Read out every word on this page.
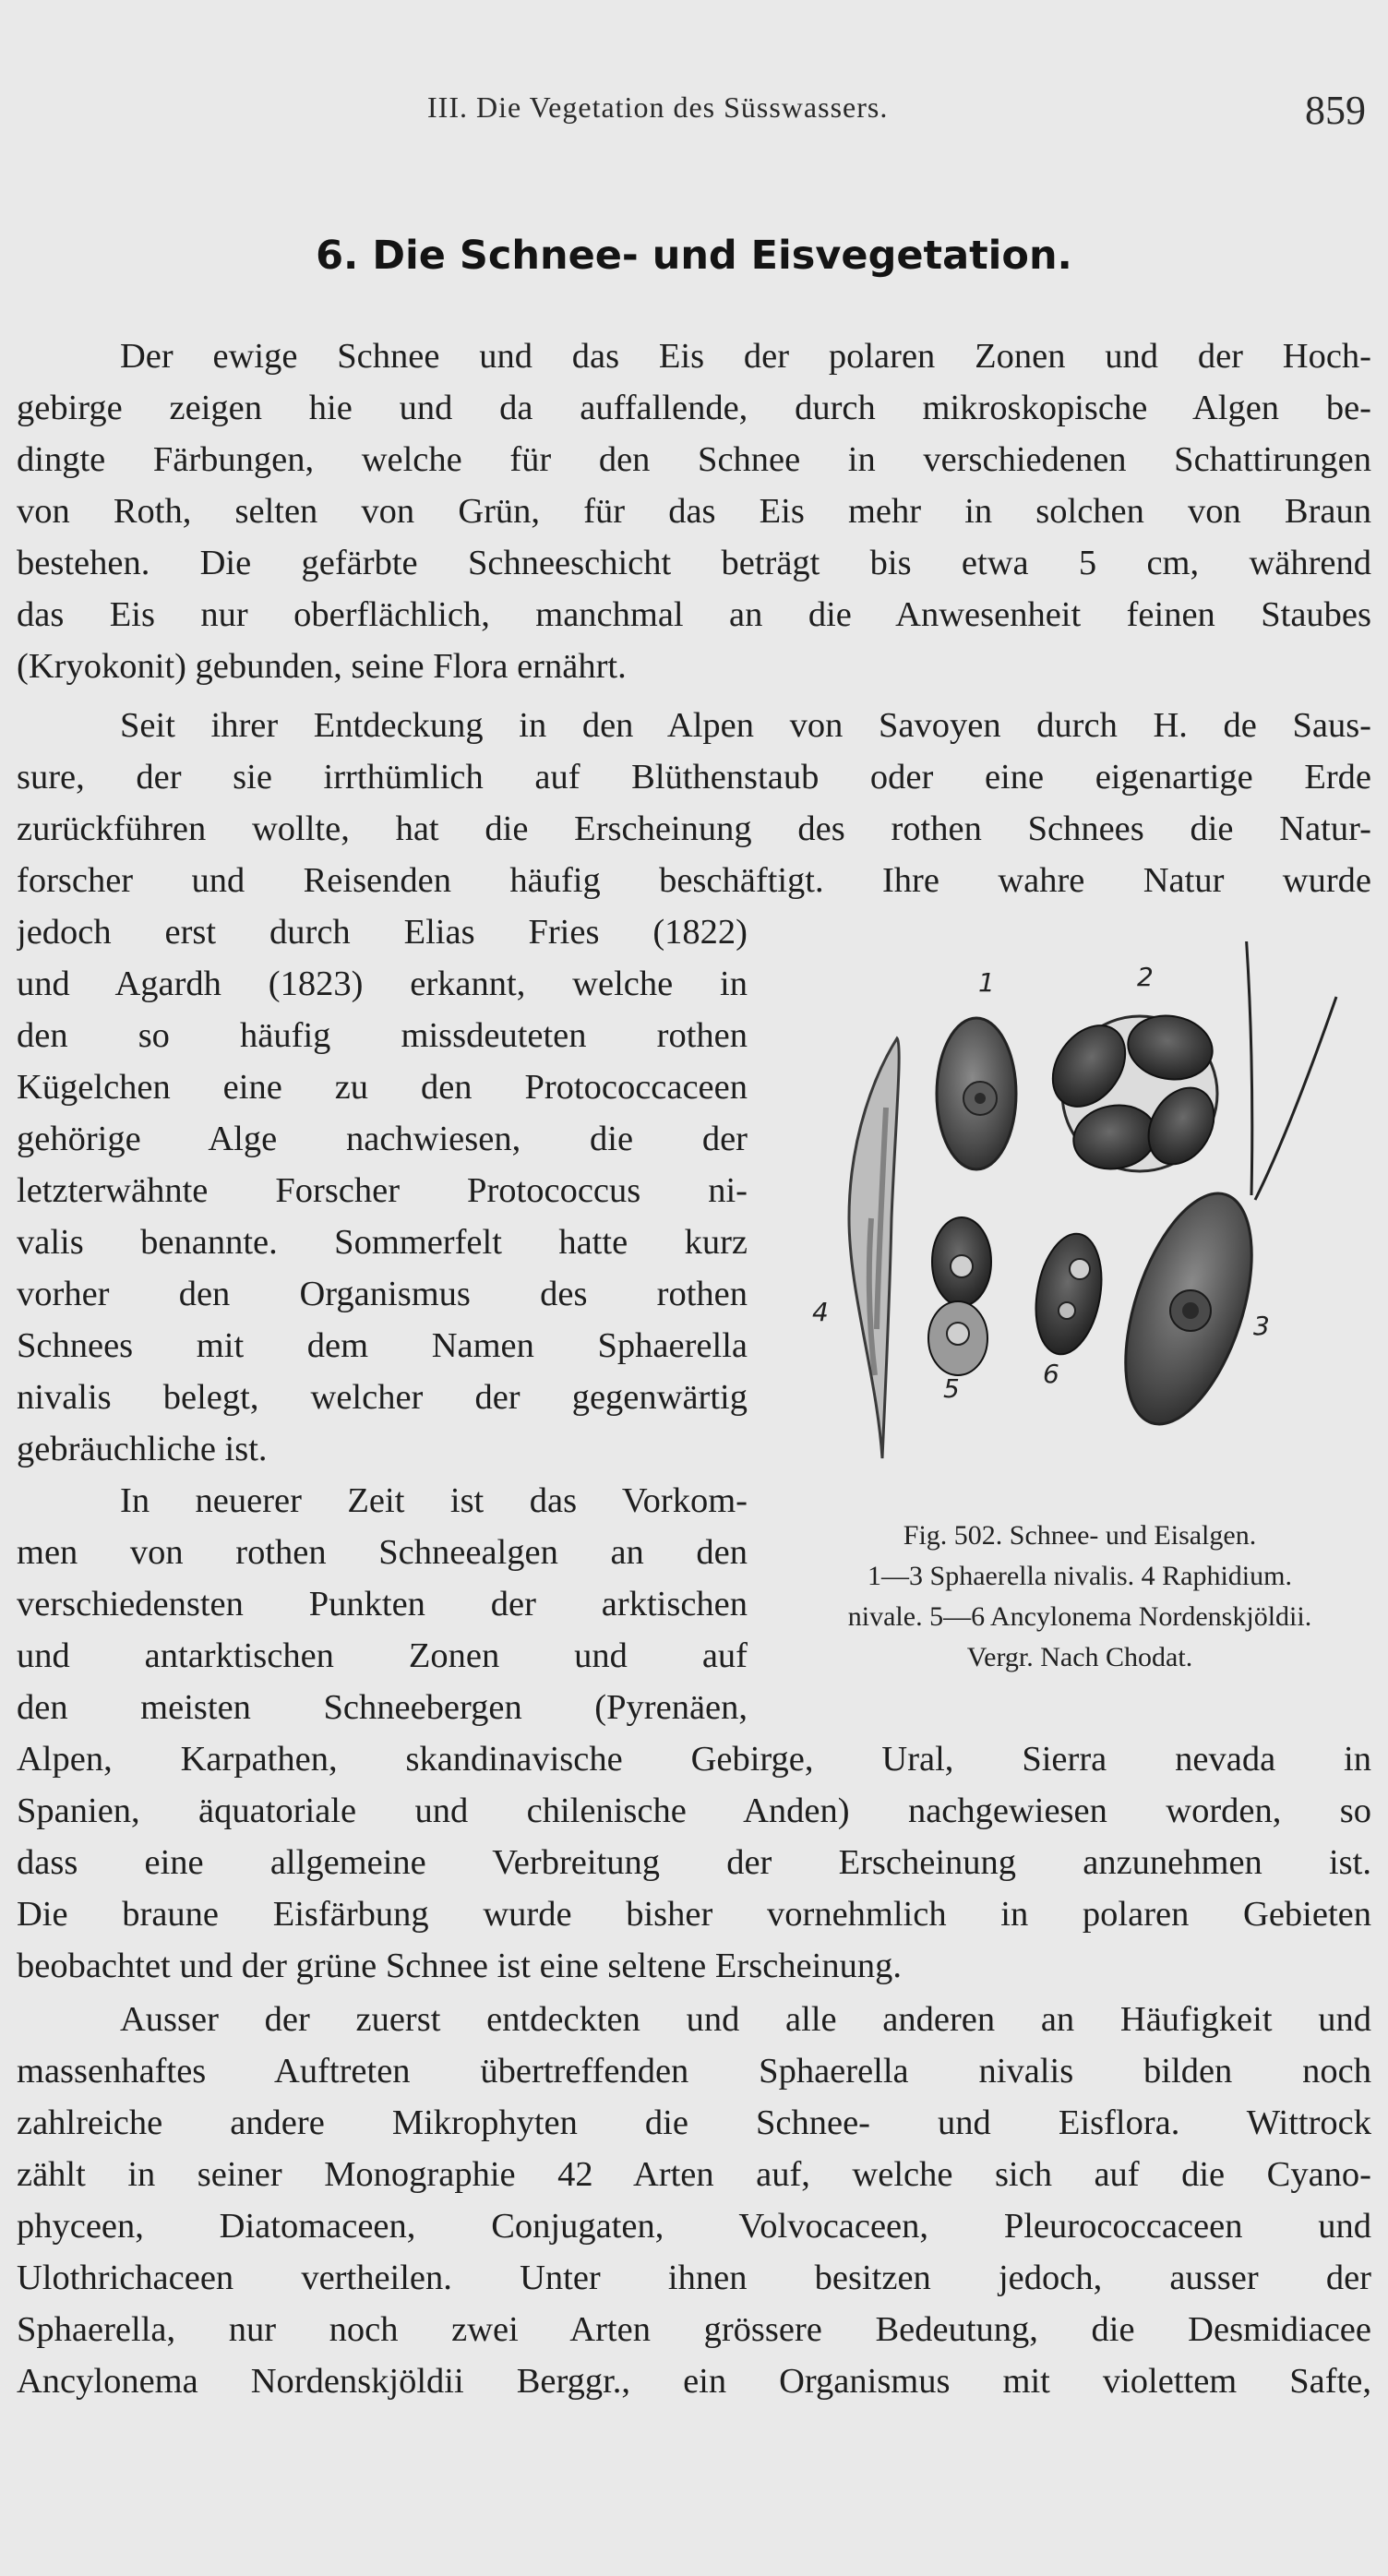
III. Die Vegetation des Süsswassers.	859
6. Die Schnee- und Eisvegetation.
Der ewige Schnee und das Eis der polaren Zonen und der Hoch-
gebirge zeigen hie und da auffallende, durch mikroskopische Algen be-
dingte Färbungen, welche für den Schnee in verschiedenen Schattirungen
von Roth, selten von Grün, für das Eis mehr in solchen von Braun
bestehen. Die gefärbte Schneeschicht beträgt bis etwa 5 cm, während
das Eis nur oberflächlich, manchmal an die Anwesenheit feinen Staubes
(Kryokonit) gebunden, seine Flora ernährt.
Seit ihrer Entdeckung in den Alpen von Savoyen durch H. de Saus-
sure, der sie irrthümlich auf Blüthenstaub oder eine eigenartige Erde
zurückführen wollte, hat die Erscheinung des rothen Schnees die Natur-
forscher und Reisenden häufig beschäftigt. Ihre wahre Natur wurde
jedoch erst durch Elias Fries (1822)
und Agardh (1823) erkannt, welche in
den so häufig missdeuteten rothen
Kügelchen eine zu den Protococcaceen
gehörige Alge nachwiesen, die der
letzterwähnte Forscher Protococcus ni-
valis benannte. Sommerfelt hatte kurz
vorher den Organismus des rothen
Schnees mit dem Namen Sphaerella
nivalis belegt, welcher der gegenwärtig
gebräuchliche ist.
In neuerer Zeit ist das Vorkom-
men von rothen Schneealgen an den
verschiedensten Punkten der arktischen
und antarktischen Zonen und auf
den meisten Schneebergen (Pyrenäen,
Alpen, Karpathen, skandinavische Gebirge, Ural, Sierra nevada in
Spanien, äquatoriale und chilenische Anden) nachgewiesen worden, so
dass eine allgemeine Verbreitung der Erscheinung anzunehmen ist.
Die braune Eisfärbung wurde bisher vornehmlich in polaren Gebieten
beobachtet und der grüne Schnee ist eine seltene Erscheinung.
Ausser der zuerst entdeckten und alle anderen an Häufigkeit und
massenhaftes Auftreten übertreffenden Sphaerella nivalis bilden noch
zahlreiche andere Mikrophyten die Schnee- und Eisflora. Wittrock
zählt in seiner Monographie 42 Arten auf, welche sich auf die Cyano-
phyceen, Diatomaceen, Conjugaten, Volvocaceen, Pleurococcaceen und
Ulothrichaceen vertheilen. Unter ihnen besitzen jedoch, ausser der
Sphaerella, nur noch zwei Arten grössere Bedeutung, die Desmidiacee
Ancylonema Nordenskjöldii Berggr., ein Organismus mit violettem Safte,
1	2
3
4
5	6
Fig. 502. Schnee- und Eisalgen.
1—3 Sphaerella nivalis. 4 Raphidium.
nivale. 5—6 Ancylonema Nordenskjöldii.
Vergr. Nach Chodat.
